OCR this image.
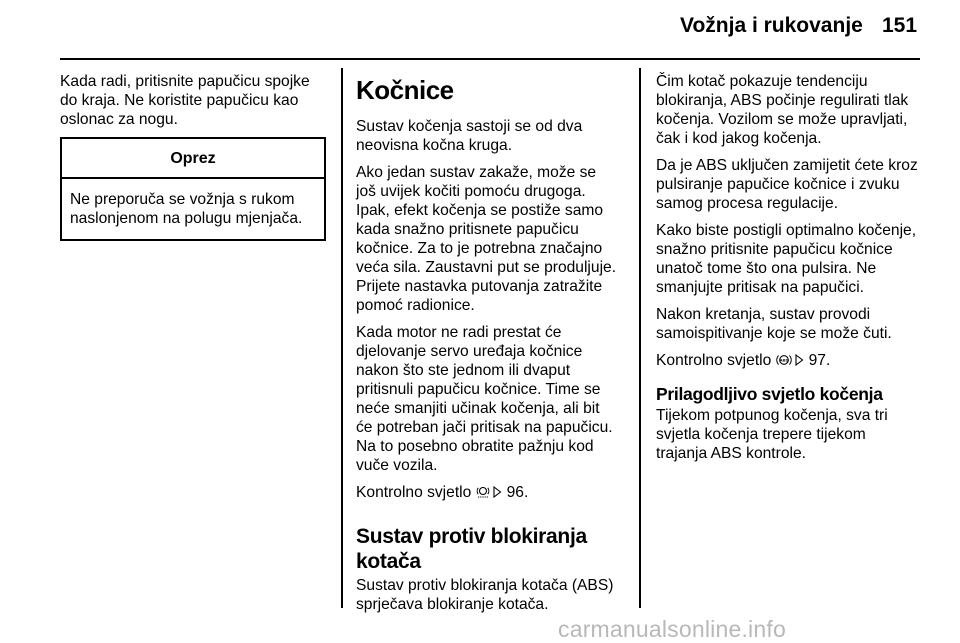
Vožnja i rukovanje 151

Kada radi, pritisnite papučicu spojke
do kraja. Ne koristite papučicu kao
oslonac za nogu.

Oprez
Ne preporuča se vožnja s rukom
naslonjenom na polugu mjenjača.
Kočnice

Sustav kočenja sastoji se od dva
neovisna kočna kruga.

Ako jedan sustav zakaže, može se
još uvijek kočiti pomoću drugoga.
Ipak, efekt kočenja se postiže samo
kada snažno pritisnete papučicu
kočnice. Za to je potrebna značajno
veća sila. Zaustavni put se produljuje.
Prijete nastavka putovanja zatražite
pomoć radionice.

Kada motor ne radi prestat će
djelovanje servo uređaja kočnice
nakon što ste jednom ili dvaput
pritisnuli papučicu kočnice. Time se
neće smanjiti učinak kočenja, ali bit
će potreban jači pritisak na papučicu.
Na to posebno obratite pažnju kod
vuče vozila.

Kontrolno svjetlo 96.

Sustav protiv blokiranja
kotača

Sustav protiv blokiranja kotača (ABS)
sprječava blokiranje kotača.

Čim kotač pokazuje tendenciju
blokiranja, ABS počinje regulirati tlak
kočenja. Vozilom se može upravljati,
čak i kod jakog kočenja.

Da je ABS uključen zamijetit ćete kroz
pulsiranje papučice kočnice i zvuku
samog procesa regulacije.

Kako biste postigli optimalno kočenje,
snažno pritisnite papučicu kočnice
unatoč tome što ona pulsira. Ne
smanjujte pritisak na papučici.

Nakon kretanja, sustav provodi
samoispitivanje koje se može čuti.

Kontrolno svjetlo ABS 97.

Prilagodljivo svjetlo kočenja

Tijekom potpunog kočenja, sva tri
svjetla kočenja trepere tijekom
trajanja ABS kontrole.

carmanualsonline.info
